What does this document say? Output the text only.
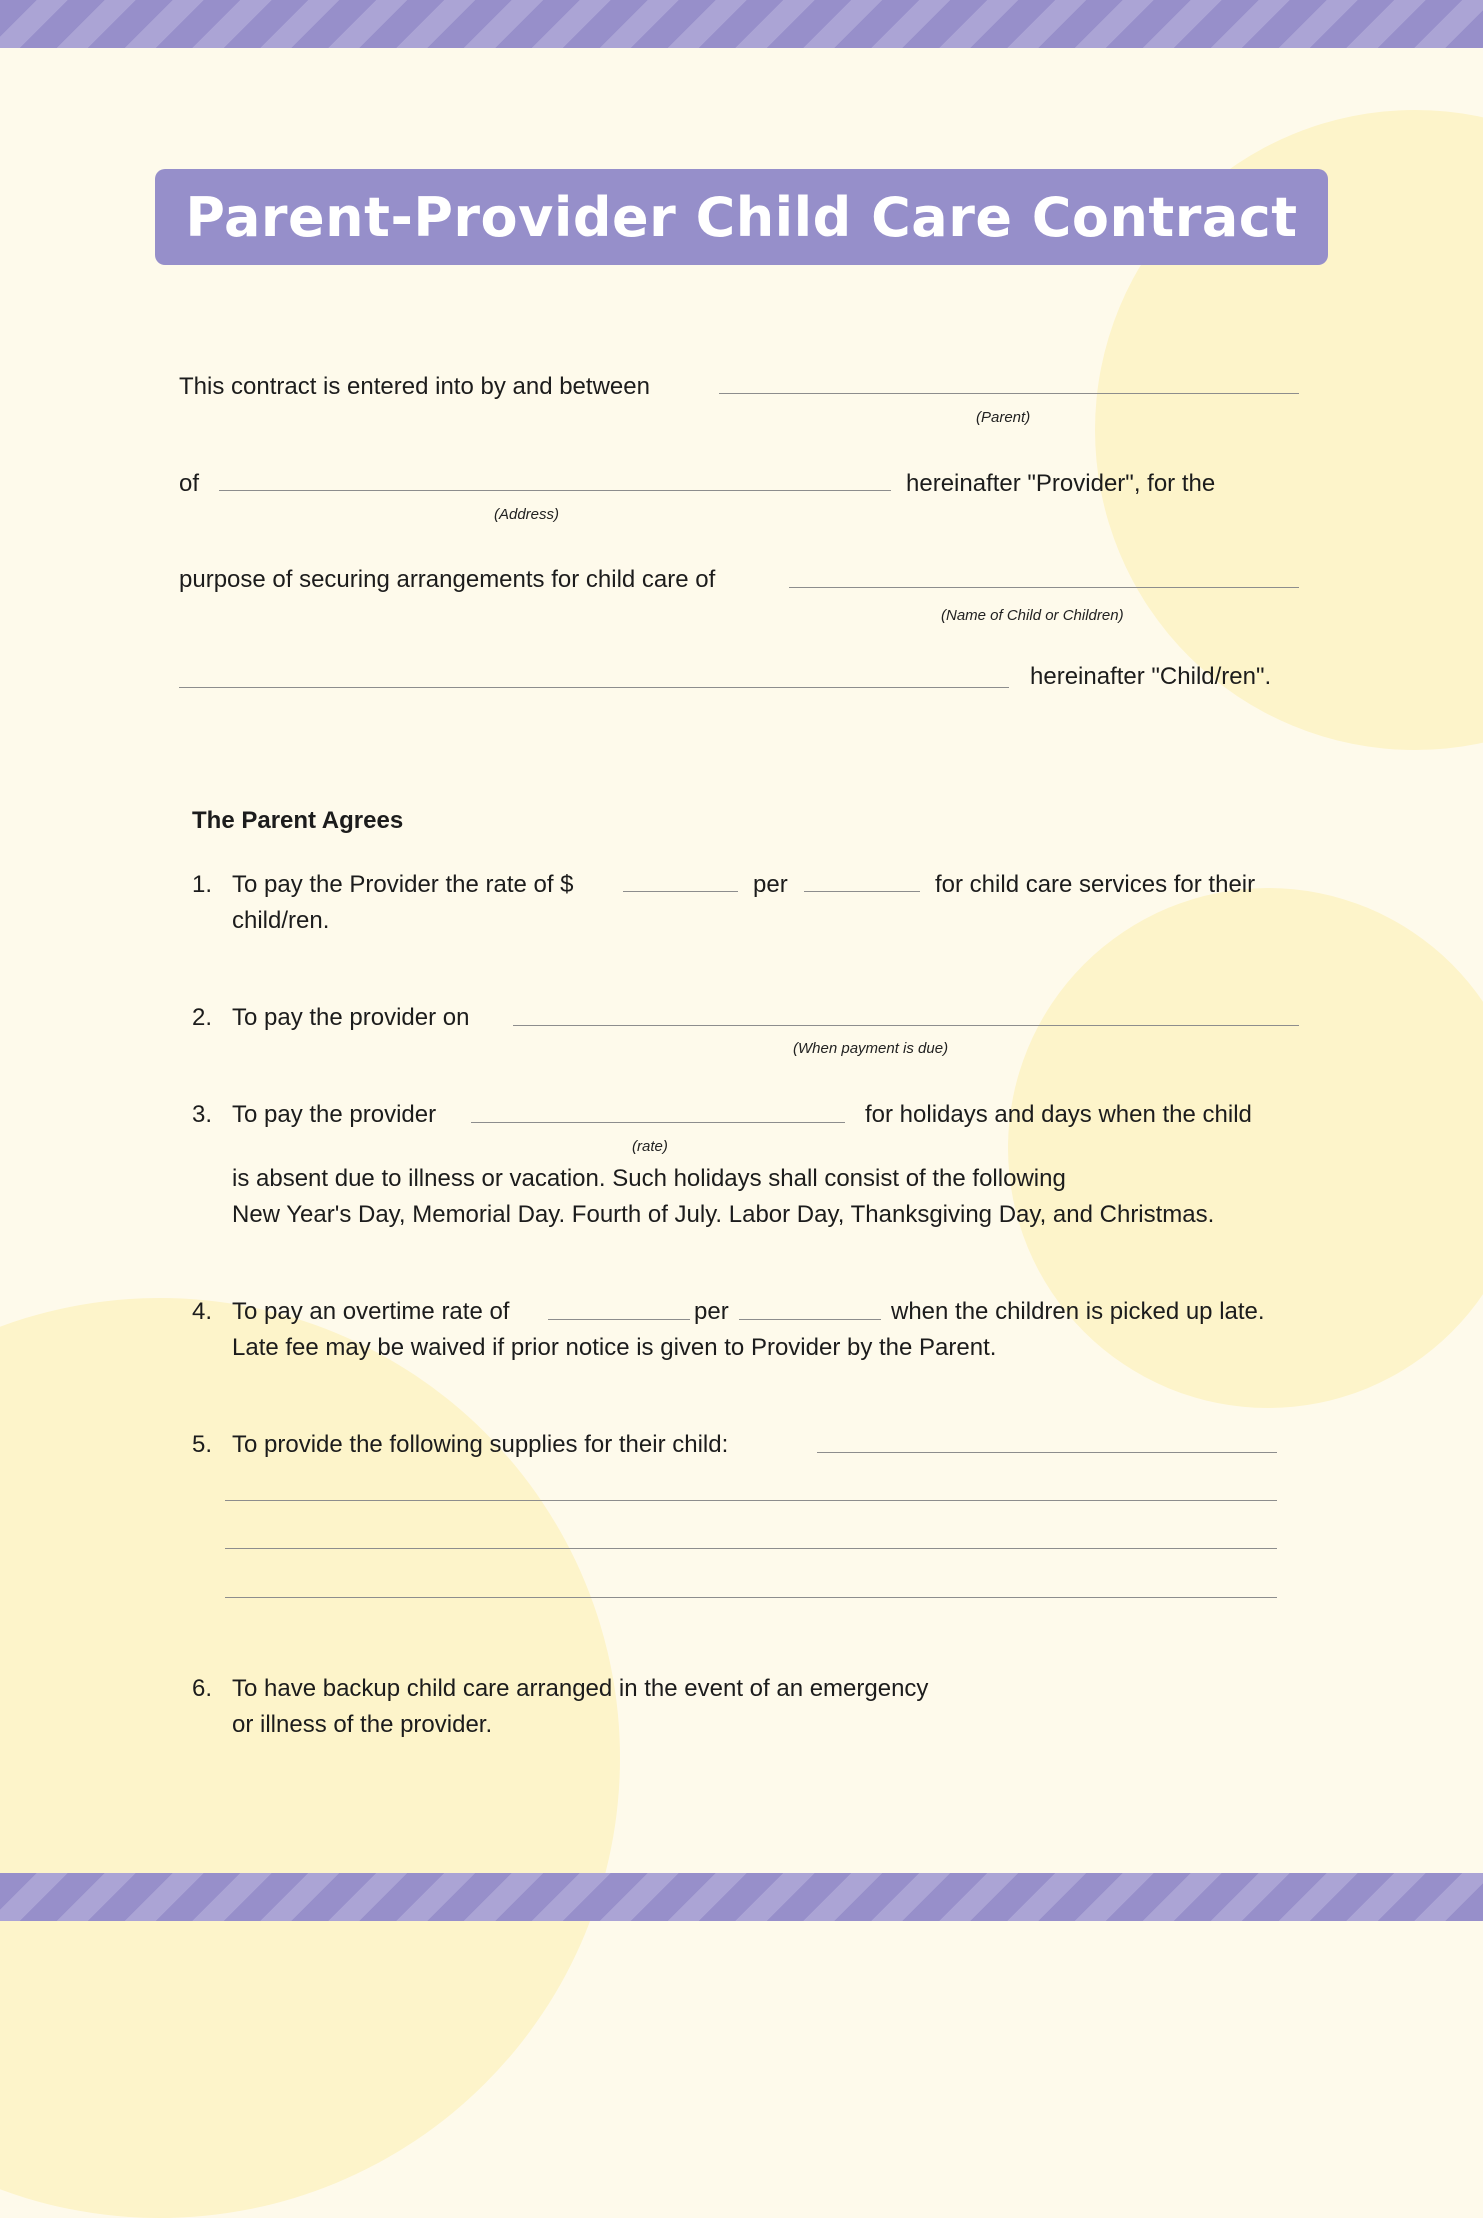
Parent-Provider Child Care Contract
This contract is entered into by and between
(Parent)
of	hereinafter "Provider", for the
(Address)
purpose of securing arrangements for child care of
(Name of Child or Children)
hereinafter "Child/ren".
The Parent Agrees
1. To pay the Provider the rate of $	per	for child care services for their
child/ren.
2. To pay the provider on
(When payment is due)
3. To pay the provider	for holidays and days when the child
(rate)
is absent due to illness or vacation. Such holidays shall consist of the following
New Year's Day, Memorial Day. Fourth of July. Labor Day, Thanksgiving Day, and Christmas.
4. To pay an overtime rate of	per	when the children is picked up late.
Late fee may be waived if prior notice is given to Provider by the Parent.
5. To provide the following supplies for their child:
6. To have backup child care arranged in the event of an emergency
or illness of the provider.
